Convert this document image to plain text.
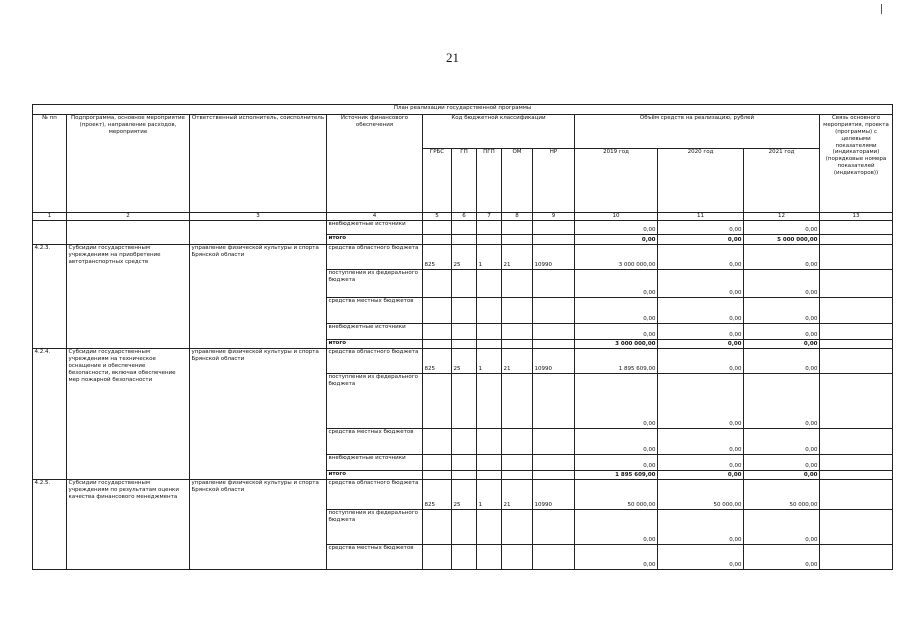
21
План реализации государственной программы												
№ пп	Подпрограмма, основное мероприятие (проект), направление расходов, мероприятие	Ответственный исполнитель, соисполнитель	Источник финансового обеспечения	Код бюджетной классификации					Объём средств на реализацию, рублей			Связь основного мероприятия, проекта (программы) с целевыми показателями (индикаторами) (порядковые номера показателей (индикаторов))
				ГРБС	ГП	ПГП	ОМ	НР	2019 год	2020 год	2021 год	
1	2	3	4	5	6	7	8	9	10	11	12	13
			внебюджетные источники						0,00	0,00	0,00	
			итого						0,00	0,00	5 000 000,00	
4.2.3.	Субсидии государственным учреждениям на приобретение автотранспортных средств	управление физической культуры и спорта Брянской области	средства областного бюджета	825	25	1	21	10990	3 000 000,00	0,00	0,00	
			поступления из федерального бюджета						0,00	0,00	0,00	
			средства местных бюджетов						0,00	0,00	0,00	
			внебюджетные источники						0,00	0,00	0,00	
			итого						3 000 000,00	0,00	0,00	
4.2.4.	Субсидии государственным учреждениям на техническое оснащение и обеспечение безопасности, включая обеспечение мер пожарной безопасности	управление физической культуры и спорта Брянской области	средства областного бюджета	825	25	1	21	10990	1 895 609,00	0,00	0,00	
			поступления из федерального бюджета						0,00	0,00	0,00	
			средства местных бюджетов						0,00	0,00	0,00	
			внебюджетные источники						0,00	0,00	0,00	
			итого						1 895 609,00	0,00	0,00	
4.2.5.	Субсидии государственным учреждениям по результатам оценки качества финансового менеджмента	управление физической культуры и спорта Брянской области	средства областного бюджета	825	25	1	21	10990	50 000,00	50 000,00	50 000,00	
			поступления из федерального бюджета						0,00	0,00	0,00	
			средства местных бюджетов						0,00	0,00	0,00	
